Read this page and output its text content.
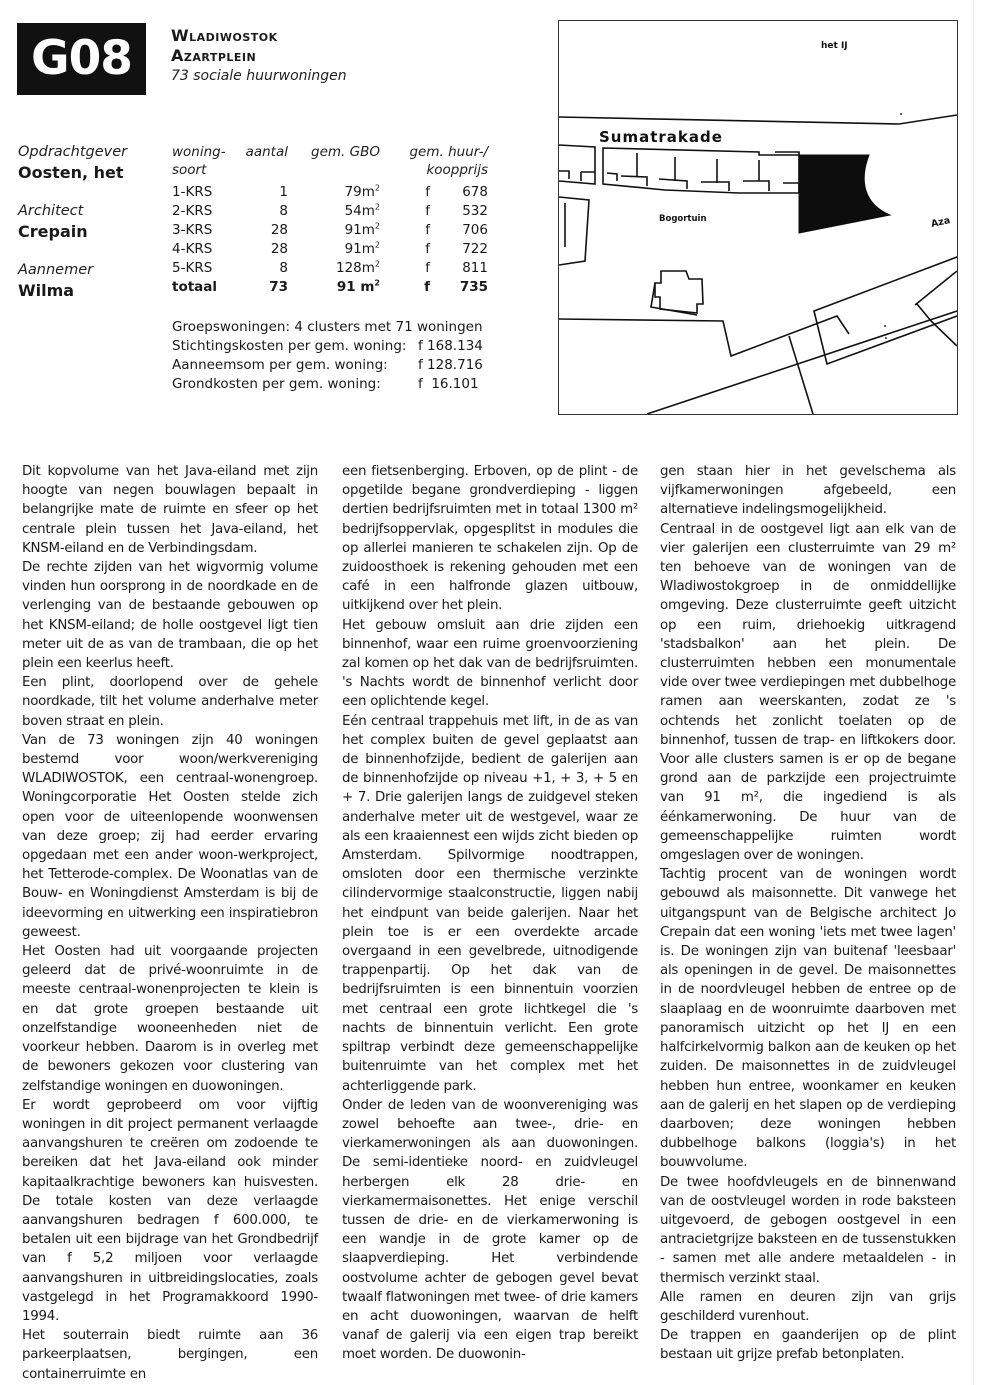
G08	Wladiwostok
Azartplein
73 sociale huurwoningen
Opdrachtgever
Oosten, het
Architect
Crepain
Aannemer
Wilma
woning-
soort	aantal	gem. GBO	gem. huur-/
koopprijs	

1-KRS	1	$79m^2$	f	678
2-KRS	8	$54m^2$	f	532
3-KRS	28	$91m^2$	f	706
4-KRS	28	$91m^2$	f	722
5-KRS	8	$128m^2$	f	811
totaal	73	91 $m^2$	f	735
Groepswoningen: 4 clusters met 71 woningen
Stichtingskosten per gem. woning: f 168.134
Aanneemsom per gem. woning:	f 128.716
Grondkosten per gem. woning:	f  16.101
het IJ
Sumatrakade
Bogortuin	Aza

Dit kopvolume van het Java-eiland met zijn hoogte van negen bouwlagen bepaalt in belangrijke mate de ruimte en sfeer op het centrale plein tussen het Java-eiland, het KNSM-eiland en de Verbindingsdam.

De rechte zijden van het wigvormig volume vinden hun oorsprong in de noordkade en de verlenging van de bestaande gebouwen op het KNSM-eiland; de holle oostgevel ligt tien meter uit de as van de trambaan, die op het plein een keerlus heeft.

Een plint, doorlopend over de gehele noordkade, tilt het volume anderhalve meter boven straat en plein.

Van de 73 woningen zijn 40 woningen bestemd voor woon/werkvereniging WLADIWOSTOK, een centraal-wonengroep. Woningcorporatie Het Oosten stelde zich open voor de uiteenlopende woonwensen van deze groep; zij had eerder ervaring opgedaan met een ander woon-werkproject, het Tetterode-complex. De Woonatlas van de Bouw- en Woningdienst Amsterdam is bij de ideevorming en uitwerking een inspiratiebron geweest.

Het Oosten had uit voorgaande projecten geleerd dat de privé-woonruimte in de meeste centraal-wonenprojecten te klein is en dat grote groepen bestaande uit onzelfstandige wooneenheden niet de voorkeur hebben. Daarom is in overleg met de bewoners gekozen voor clustering van zelfstandige woningen en duowoningen.

Er wordt geprobeerd om voor vijftig woningen in dit project permanent verlaagde aanvangshuren te creëren om zodoende te bereiken dat het Java-eiland ook minder kapitaalkrachtige bewoners kan huisvesten. De totale kosten van deze verlaagde aanvangshuren bedragen f 600.000, te betalen uit een bijdrage van het Grondbedrijf van f 5,2 miljoen voor verlaagde aanvangshuren in uitbreidingslocaties, zoals vastgelegd in het Programakkoord 1990-1994.

Het souterrain biedt ruimte aan 36 parkeerplaatsen, bergingen, een containerruimte en

een fietsenberging. Erboven, op de plint - de opgetilde begane grondverdieping - liggen dertien bedrijfsruimten met in totaal 1300 m² bedrijfsoppervlak, opgesplitst in modules die op allerlei manieren te schakelen zijn. Op de zuidoosthoek is rekening gehouden met een café in een halfronde glazen uitbouw, uitkijkend over het plein.

Het gebouw omsluit aan drie zijden een binnenhof, waar een ruime groenvoorziening zal komen op het dak van de bedrijfsruimten. 's Nachts wordt de binnenhof verlicht door een oplichtende kegel.

Eén centraal trappehuis met lift, in de as van het complex buiten de gevel geplaatst aan de binnenhofzijde, bedient de galerijen aan de binnenhofzijde op niveau +1, + 3, + 5 en + 7. Drie galerijen langs de zuidgevel steken anderhalve meter uit de westgevel, waar ze als een kraaiennest een wijds zicht bieden op Amsterdam. Spilvormige noodtrappen, omsloten door een thermische verzinkte cilindervormige staalconstructie, liggen nabij het eindpunt van beide galerijen. Naar het plein toe is er een overdekte arcade overgaand in een gevelbrede, uitnodigende trappenpartij. Op het dak van de bedrijfsruimten is een binnentuin voorzien met centraal een grote lichtkegel die 's nachts de binnentuin verlicht. Een grote spiltrap verbindt deze gemeenschappelijke buitenruimte van het complex met het achterliggende park.

Onder de leden van de woonvereniging was zowel behoefte aan twee-, drie- en vierkamerwoningen als aan duowoningen. De semi-identieke noord- en zuidvleugel herbergen elk 28 drie- en vierkamermaisonettes. Het enige verschil tussen de drie- en de vierkamerwoning is een wandje in de grote kamer op de slaapverdieping. Het verbindende oostvolume achter de gebogen gevel bevat twaalf flatwoningen met twee- of drie kamers en acht duowoningen, waarvan de helft vanaf de galerij via een eigen trap bereikt moet worden. De duowonin-

gen staan hier in het gevelschema als vijfkamerwoningen afgebeeld, een alternatieve indelingsmogelijkheid.

Centraal in de oostgevel ligt aan elk van de vier galerijen een clusterruimte van 29 m² ten behoeve van de woningen van de Wladiwostokgroep in de onmiddellijke omgeving. Deze clusterruimte geeft uitzicht op een ruim, driehoekig uitkragend 'stadsbalkon' aan het plein. De clusterruimten hebben een monumentale vide over twee verdiepingen met dubbelhoge ramen aan weerskanten, zodat ze 's ochtends het zonlicht toelaten op de binnenhof, tussen de trap- en liftkokers door. Voor alle clusters samen is er op de begane grond aan de parkzijde een projectruimte van 91 m², die ingediend is als éénkamerwoning. De huur van de gemeenschappelijke ruimten wordt omgeslagen over de woningen.

Tachtig procent van de woningen wordt gebouwd als maisonnette. Dit vanwege het uitgangspunt van de Belgische architect Jo Crepain dat een woning 'iets met twee lagen' is. De woningen zijn van buitenaf 'leesbaar' als openingen in de gevel. De maisonnettes in de noordvleugel hebben de entree op de slaaplaag en de woonruimte daarboven met panoramisch uitzicht op het IJ en een halfcirkelvormig balkon aan de keuken op het zuiden. De maisonnettes in de zuidvleugel hebben hun entree, woonkamer en keuken aan de galerij en het slapen op de verdieping daarboven; deze woningen hebben dubbelhoge balkons (loggia's) in het bouwvolume.

De twee hoofdvleugels en de binnenwand van de oostvleugel worden in rode baksteen uitgevoerd, de gebogen oostgevel in een antracietgrijze baksteen en de tussenstukken - samen met alle andere metaaldelen - in thermisch verzinkt staal.

Alle ramen en deuren zijn van grijs geschilderd vurenhout.

De trappen en gaanderijen op de plint bestaan uit grijze prefab betonplaten.
